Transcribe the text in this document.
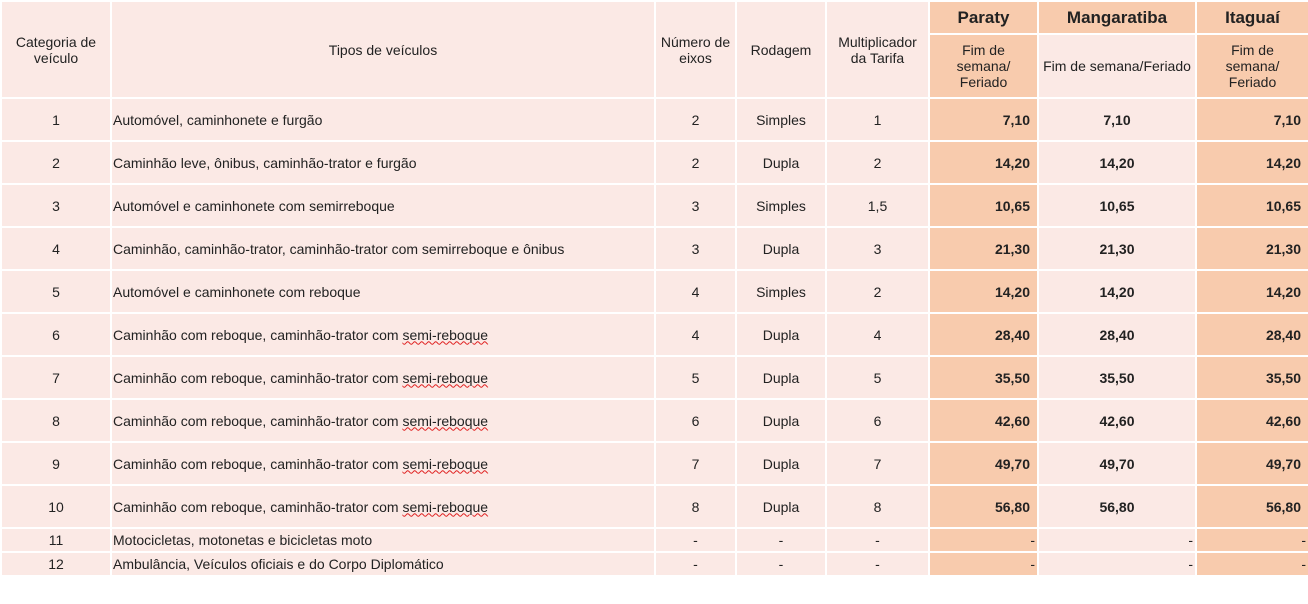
Categoria de veículo	Tipos de veículos	Número de eixos	Rodagem	Multiplicador da Tarifa	Paraty	Mangaratiba	Itaguaí
					Fim de semana/ Feriado	Fim de semana/Feriado	Fim de semana/ Feriado
1	Automóvel, caminhonete e furgão	2	Simples	1	7,10	7,10	7,10
2	Caminhão leve, ônibus, caminhão-trator e furgão	2	Dupla	2	14,20	14,20	14,20
3	Automóvel e caminhonete com semirreboque	3	Simples	1,5	10,65	10,65	10,65
4	Caminhão, caminhão-trator, caminhão-trator com semirreboque e ônibus	3	Dupla	3	21,30	21,30	21,30
5	Automóvel e caminhonete com reboque	4	Simples	2	14,20	14,20	14,20
6	Caminhão com reboque, caminhão-trator com semi-reboque	4	Dupla	4	28,40	28,40	28,40
7	Caminhão com reboque, caminhão-trator com semi-reboque	5	Dupla	5	35,50	35,50	35,50
8	Caminhão com reboque, caminhão-trator com semi-reboque	6	Dupla	6	42,60	42,60	42,60
9	Caminhão com reboque, caminhão-trator com semi-reboque	7	Dupla	7	49,70	49,70	49,70
10	Caminhão com reboque, caminhão-trator com semi-reboque	8	Dupla	8	56,80	56,80	56,80
11	Motocicletas, motonetas e bicicletas moto	-	-	-	-	-	-
12	Ambulância, Veículos oficiais e do Corpo Diplomático	-	-	-	-	-	-
